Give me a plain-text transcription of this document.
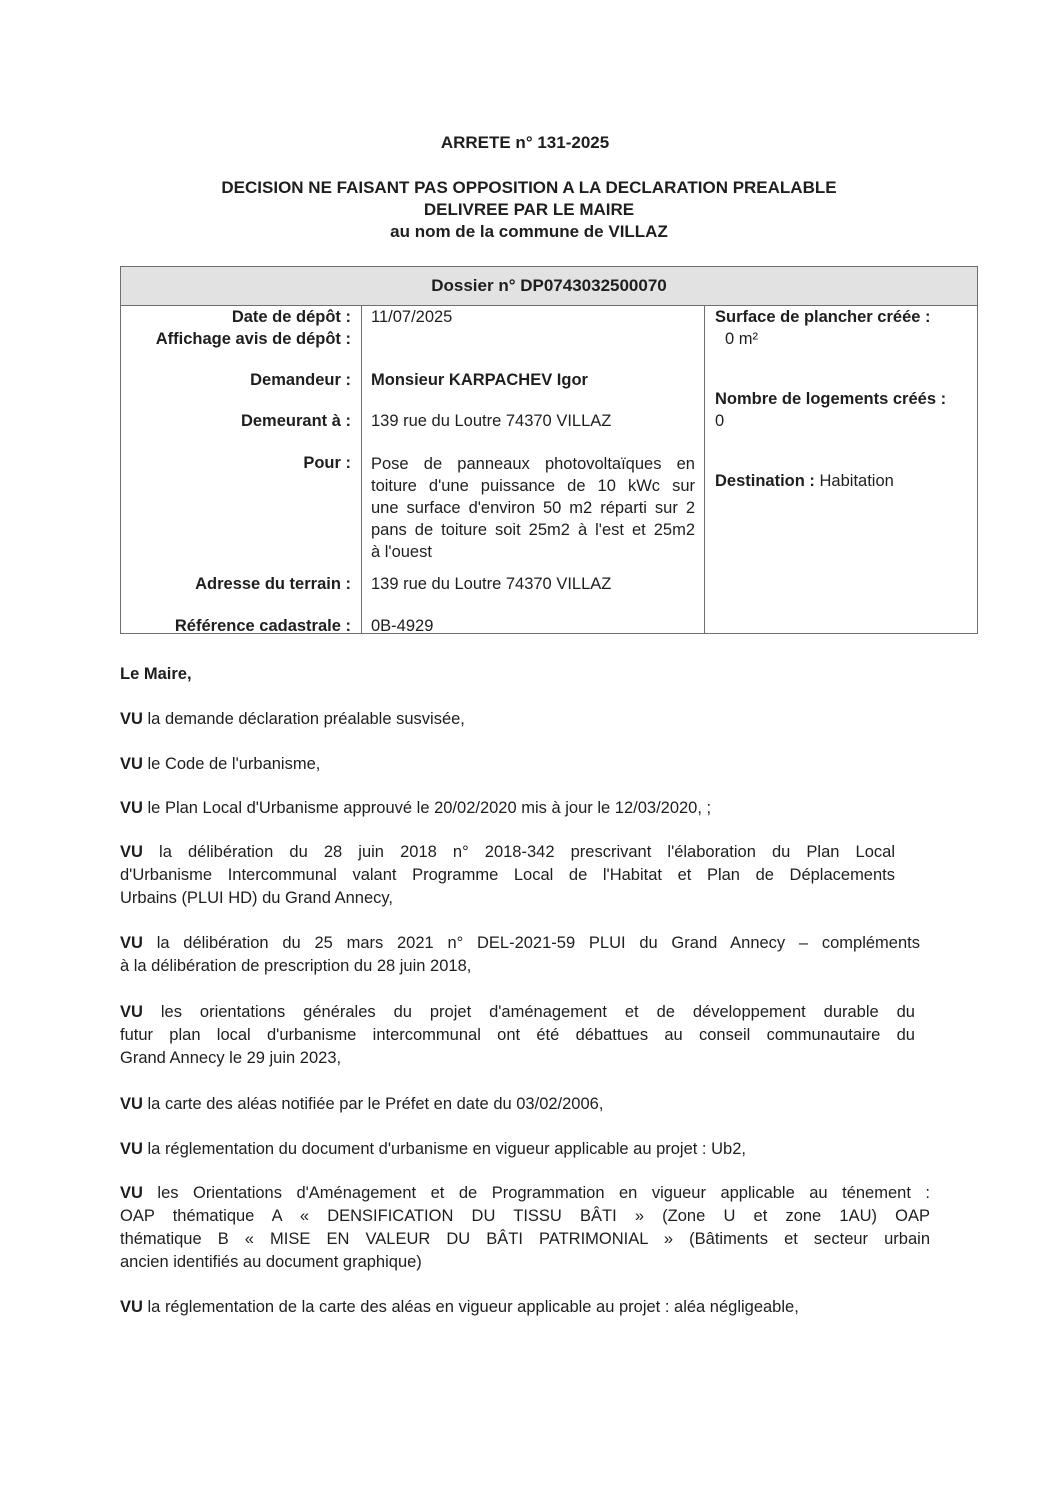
ARRETE n° 131-2025
DECISION NE FAISANT PAS OPPOSITION A LA DECLARATION PREALABLE
DELIVREE PAR LE MAIRE
au nom de la commune de VILLAZ
Dossier n° DP0743032500070
Date de dépôt :
Affichage avis de dépôt :
Demandeur :
Demeurant à :
Pour :
Adresse du terrain :
Référence cadastrale :
11/07/2025
Monsieur KARPACHEV Igor
139 rue du Loutre 74370 VILLAZ
Pose de panneaux photovoltaïques en
toiture d'une puissance de 10 kWc sur
une surface d'environ 50 m2 réparti sur 2
pans de toiture soit 25m2 à l'est et 25m2
à l'ouest
139 rue du Loutre 74370 VILLAZ
0B-4929
Surface de plancher créée :
0 m²
Nombre de logements créés :
0
Destination : Habitation
Le Maire,
VU la demande déclaration préalable susvisée,
VU le Code de l'urbanisme,
VU le Plan Local d'Urbanisme approuvé le 20/02/2020 mis à jour le 12/03/2020, ;
VU la délibération du 28 juin 2018 n° 2018-342 prescrivant l'élaboration du Plan Local
d'Urbanisme Intercommunal valant Programme Local de l'Habitat et Plan de Déplacements
Urbains (PLUI HD) du Grand Annecy,
VU la délibération du 25 mars 2021 n° DEL-2021-59 PLUI du Grand Annecy – compléments
à la délibération de prescription du 28 juin 2018,
VU les orientations générales du projet d'aménagement et de développement durable du
futur plan local d'urbanisme intercommunal ont été débattues au conseil communautaire du
Grand Annecy le 29 juin 2023,
VU la carte des aléas notifiée par le Préfet en date du 03/02/2006,
VU la réglementation du document d'urbanisme en vigueur applicable au projet : Ub2,
VU les Orientations d'Aménagement et de Programmation en vigueur applicable au ténement :
OAP thématique A « DENSIFICATION DU TISSU BÂTI » (Zone U et zone 1AU) OAP
thématique B « MISE EN VALEUR DU BÂTI PATRIMONIAL » (Bâtiments et secteur urbain
ancien identifiés au document graphique)
VU la réglementation de la carte des aléas en vigueur applicable au projet : aléa négligeable,
